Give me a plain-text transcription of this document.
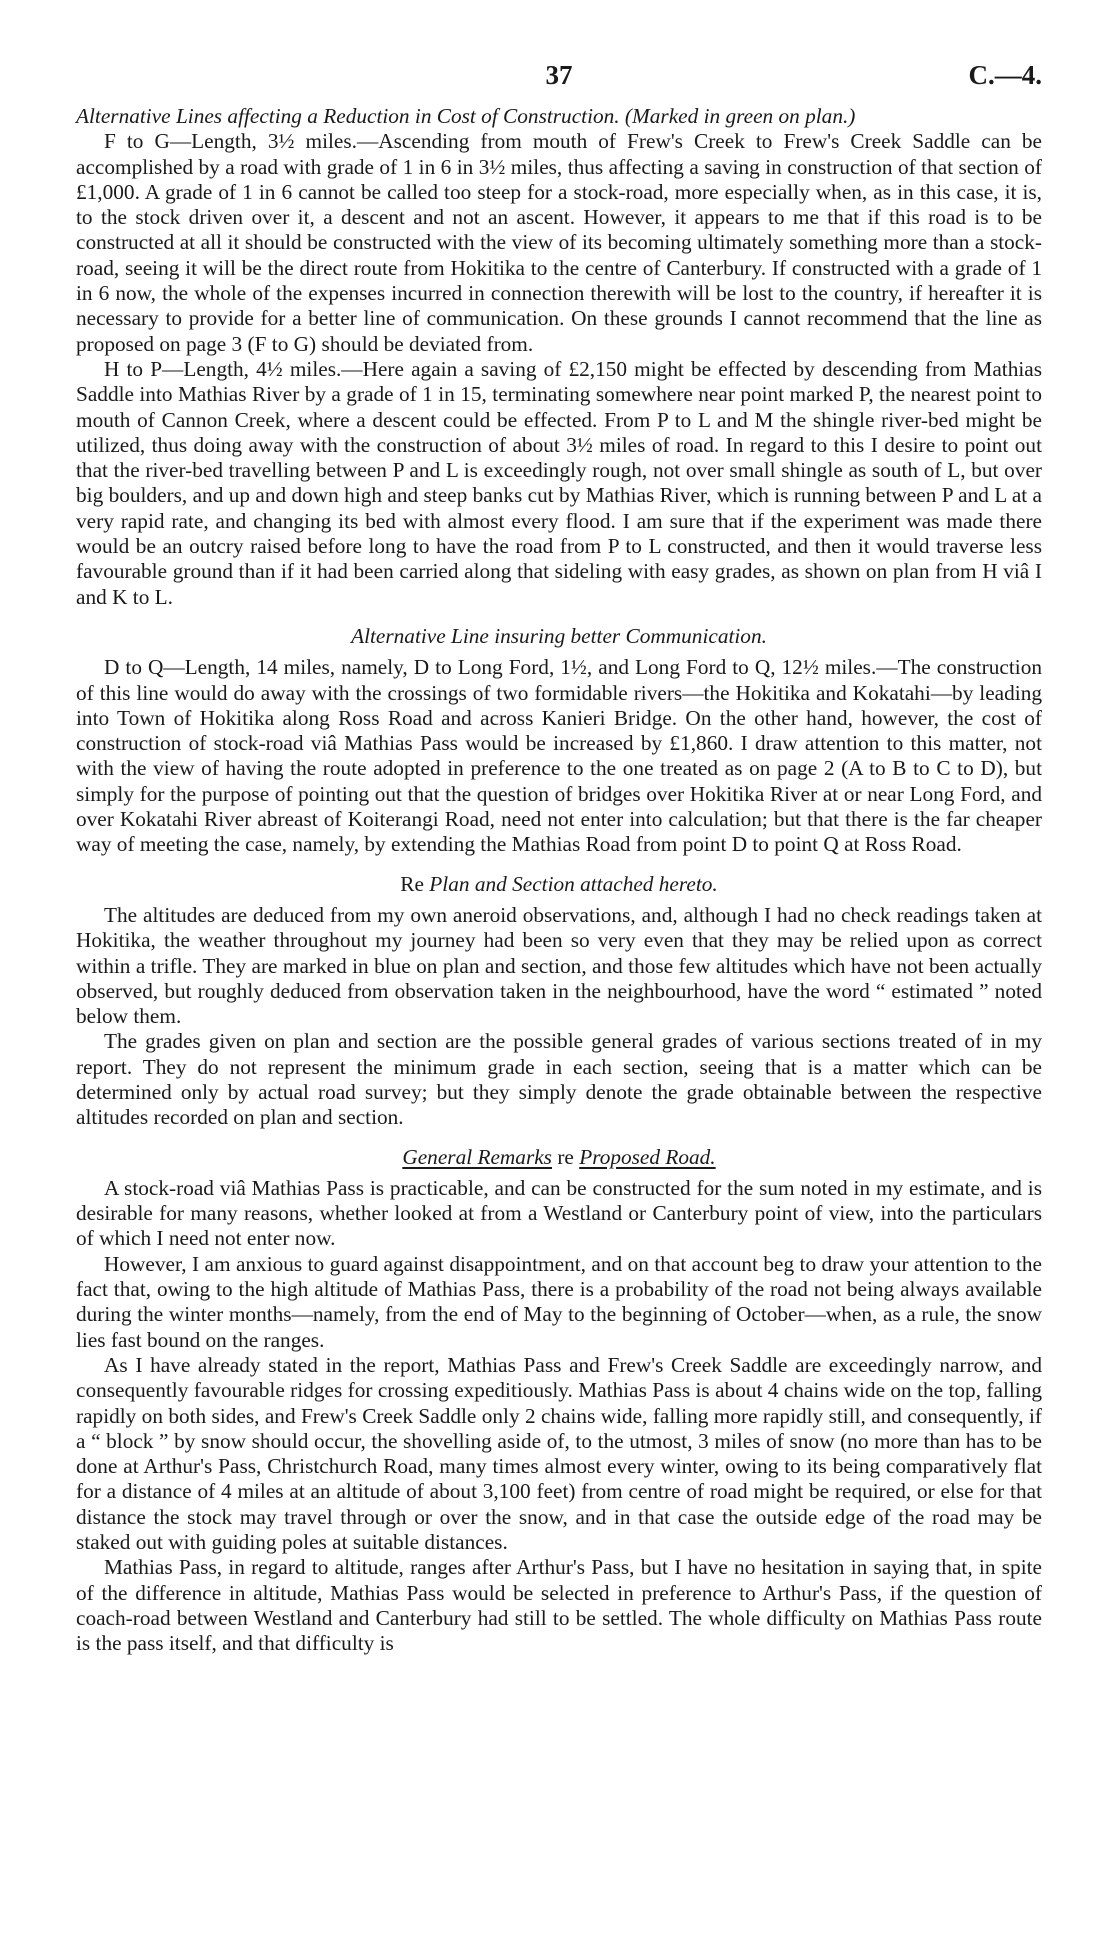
37	C.—4.
Alternative Lines affecting a Reduction in Cost of Construction. (Marked in green on plan.)

F to G—Length, 3½ miles.—Ascending from mouth of Frew's Creek to Frew's Creek Saddle can be accomplished by a road with grade of 1 in 6 in 3½ miles, thus affecting a saving in construction of that section of £1,000. A grade of 1 in 6 cannot be called too steep for a stock-road, more especially when, as in this case, it is, to the stock driven over it, a descent and not an ascent. However, it appears to me that if this road is to be constructed at all it should be constructed with the view of its becoming ultimately something more than a stock-road, seeing it will be the direct route from Hokitika to the centre of Canterbury. If constructed with a grade of 1 in 6 now, the whole of the expenses incurred in connection therewith will be lost to the country, if hereafter it is necessary to provide for a better line of communication. On these grounds I cannot recommend that the line as proposed on page 3 (F to G) should be deviated from.

H to P—Length, 4½ miles.—Here again a saving of £2,150 might be effected by descending from Mathias Saddle into Mathias River by a grade of 1 in 15, terminating somewhere near point marked P, the nearest point to mouth of Cannon Creek, where a descent could be effected. From P to L and M the shingle river-bed might be utilized, thus doing away with the construction of about 3½ miles of road. In regard to this I desire to point out that the river-bed travelling between P and L is exceedingly rough, not over small shingle as south of L, but over big boulders, and up and down high and steep banks cut by Mathias River, which is running between P and L at a very rapid rate, and changing its bed with almost every flood. I am sure that if the experiment was made there would be an outcry raised before long to have the road from P to L constructed, and then it would traverse less favourable ground than if it had been carried along that sideling with easy grades, as shown on plan from H viâ I and K to L.

Alternative Line insuring better Communication.

D to Q—Length, 14 miles, namely, D to Long Ford, 1½, and Long Ford to Q, 12½ miles.—The construction of this line would do away with the crossings of two formidable rivers—the Hokitika and Kokatahi—by leading into Town of Hokitika along Ross Road and across Kanieri Bridge. On the other hand, however, the cost of construction of stock-road viâ Mathias Pass would be increased by £1,860. I draw attention to this matter, not with the view of having the route adopted in preference to the one treated as on page 2 (A to B to C to D), but simply for the purpose of pointing out that the question of bridges over Hokitika River at or near Long Ford, and over Kokatahi River abreast of Koiterangi Road, need not enter into calculation; but that there is the far cheaper way of meeting the case, namely, by extending the Mathias Road from point D to point Q at Ross Road.

Re Plan and Section attached hereto.

The altitudes are deduced from my own aneroid observations, and, although I had no check readings taken at Hokitika, the weather throughout my journey had been so very even that they may be relied upon as correct within a trifle. They are marked in blue on plan and section, and those few altitudes which have not been actually observed, but roughly deduced from observation taken in the neighbourhood, have the word “ estimated ” noted below them.

The grades given on plan and section are the possible general grades of various sections treated of in my report. They do not represent the minimum grade in each section, seeing that is a matter which can be determined only by actual road survey; but they simply denote the grade obtainable between the respective altitudes recorded on plan and section.

General Remarks re Proposed Road.

A stock-road viâ Mathias Pass is practicable, and can be constructed for the sum noted in my estimate, and is desirable for many reasons, whether looked at from a Westland or Canterbury point of view, into the particulars of which I need not enter now.

However, I am anxious to guard against disappointment, and on that account beg to draw your attention to the fact that, owing to the high altitude of Mathias Pass, there is a probability of the road not being always available during the winter months—namely, from the end of May to the beginning of October—when, as a rule, the snow lies fast bound on the ranges.

As I have already stated in the report, Mathias Pass and Frew's Creek Saddle are exceedingly narrow, and consequently favourable ridges for crossing expeditiously. Mathias Pass is about 4 chains wide on the top, falling rapidly on both sides, and Frew's Creek Saddle only 2 chains wide, falling more rapidly still, and consequently, if a “ block ” by snow should occur, the shovelling aside of, to the utmost, 3 miles of snow (no more than has to be done at Arthur's Pass, Christchurch Road, many times almost every winter, owing to its being comparatively flat for a distance of 4 miles at an altitude of about 3,100 feet) from centre of road might be required, or else for that distance the stock may travel through or over the snow, and in that case the outside edge of the road may be staked out with guiding poles at suitable distances.

Mathias Pass, in regard to altitude, ranges after Arthur's Pass, but I have no hesitation in saying that, in spite of the difference in altitude, Mathias Pass would be selected in preference to Arthur's Pass, if the question of coach-road between Westland and Canterbury had still to be settled. The whole difficulty on Mathias Pass route is the pass itself, and that difficulty is
